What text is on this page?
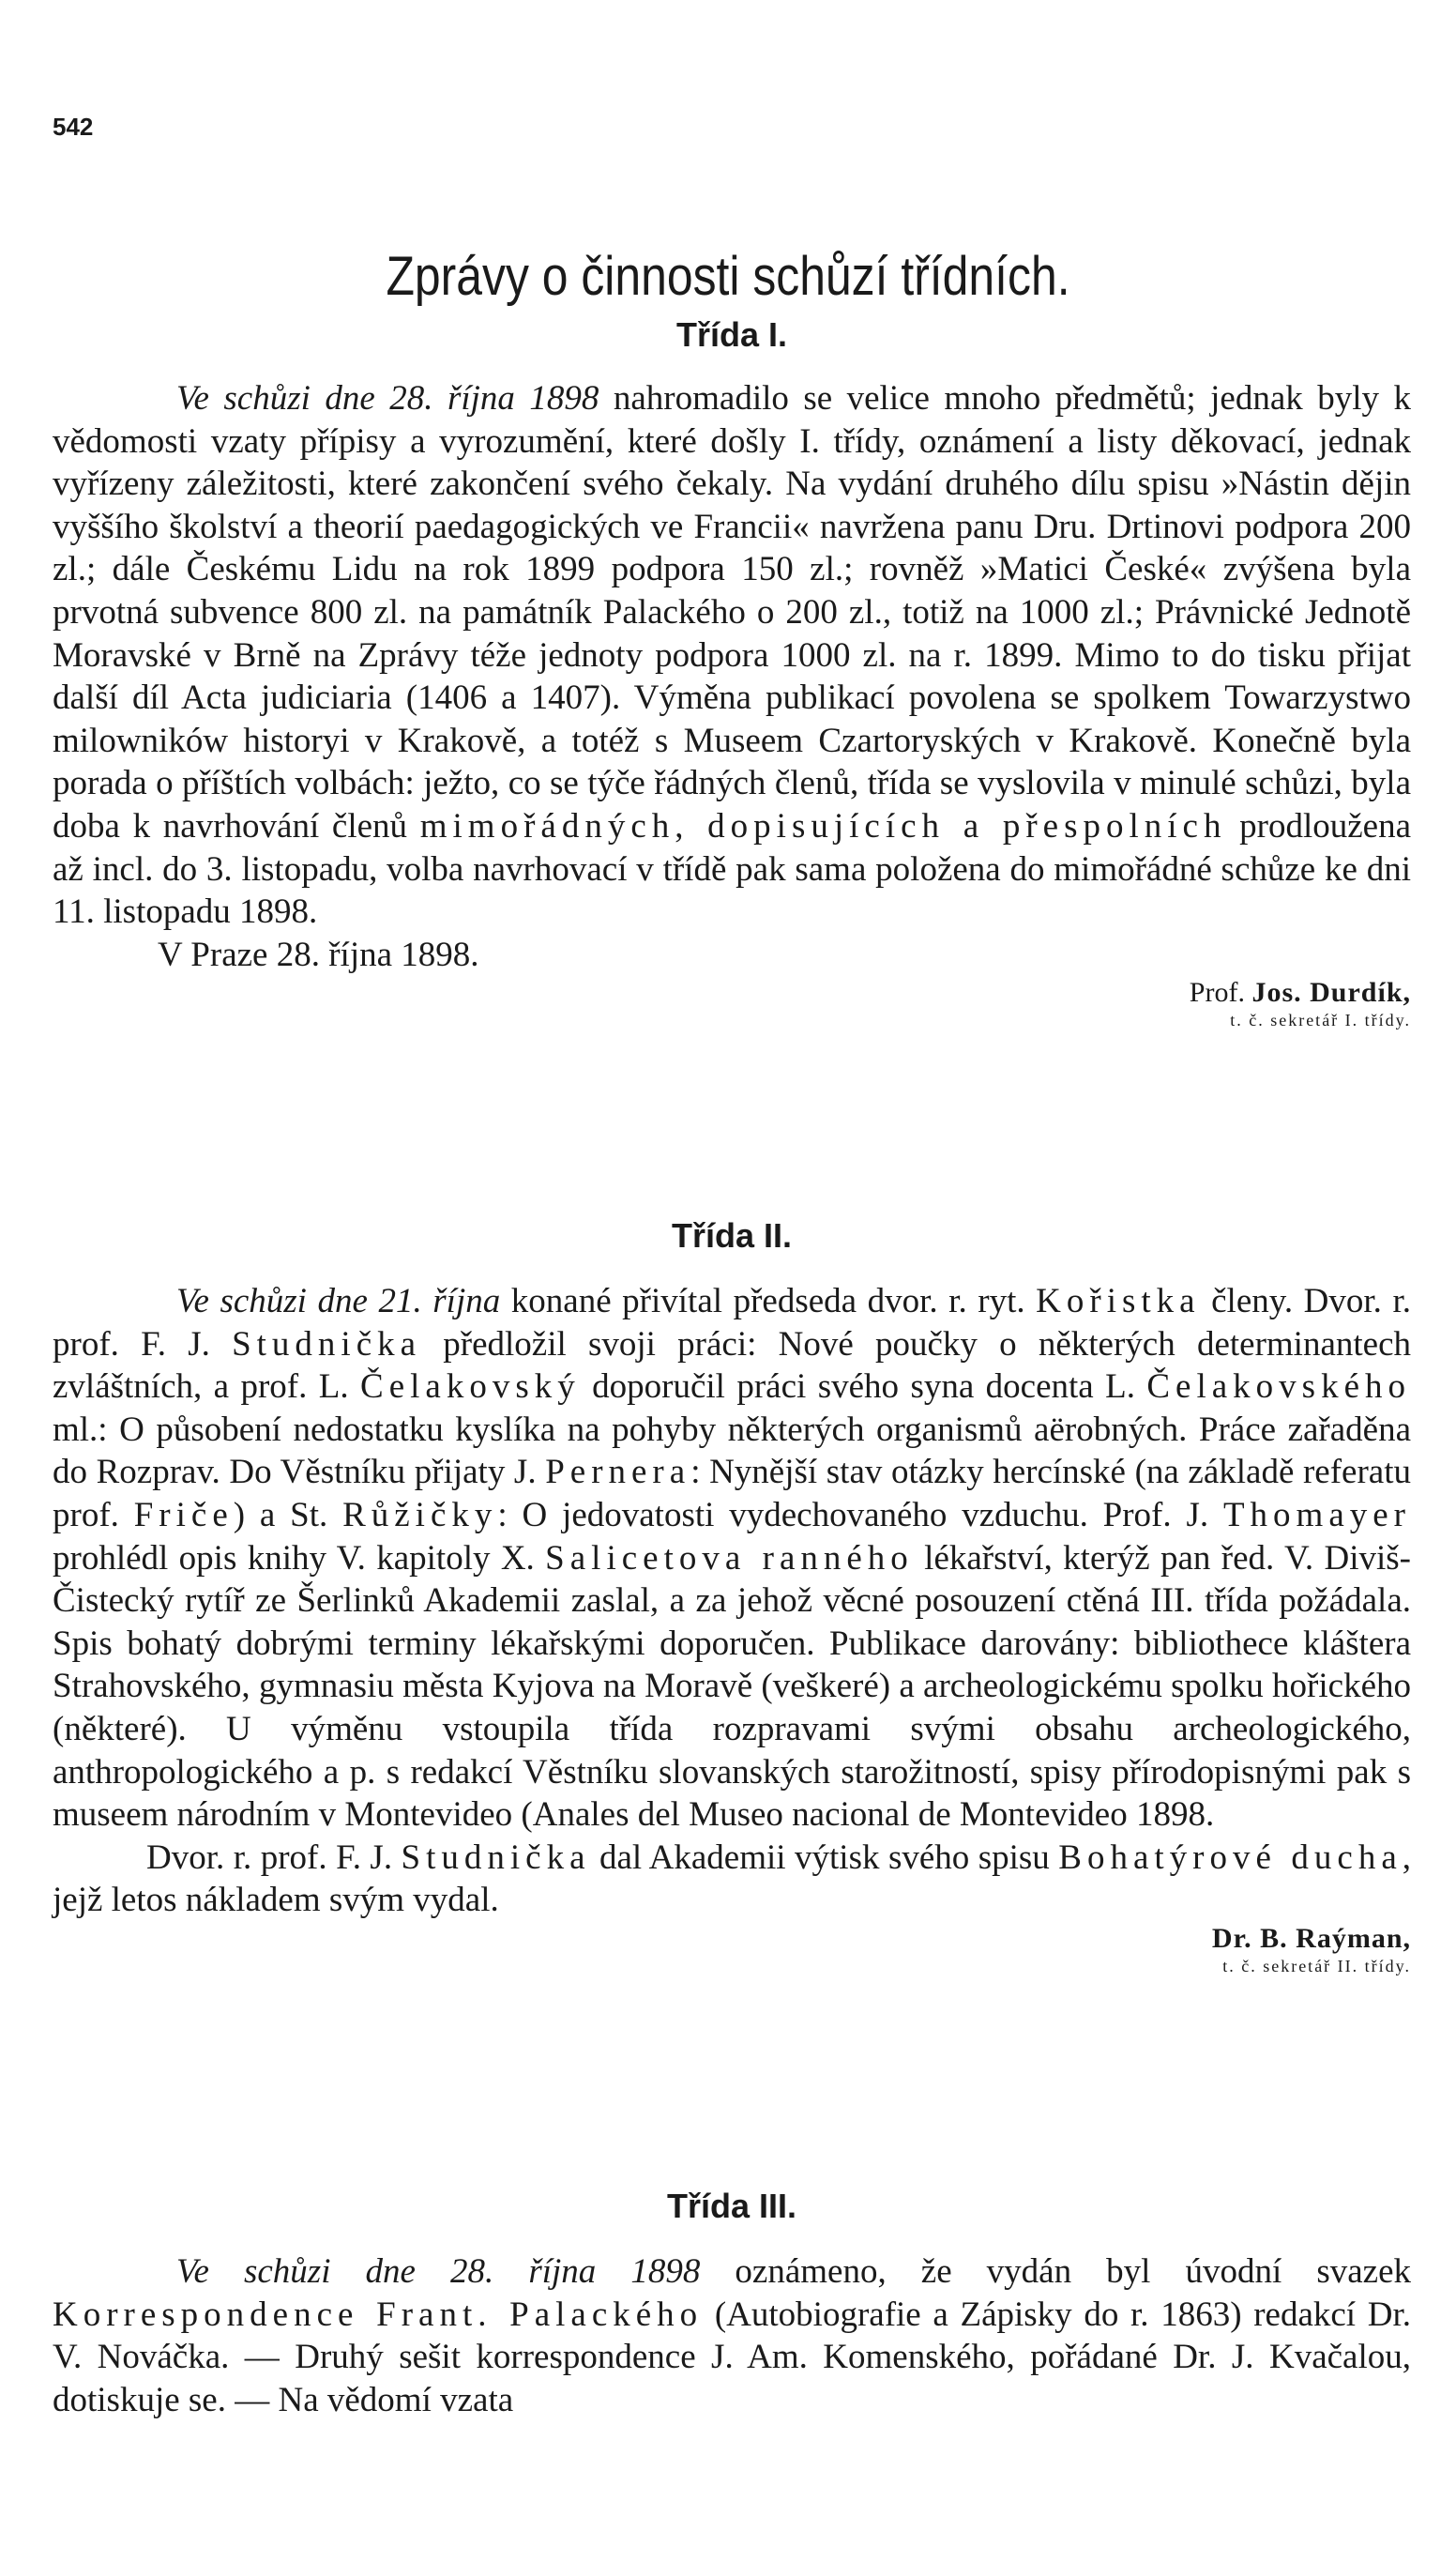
542
Zprávy o činnosti schůzí třídních.
Třída I.

Ve schůzi dne 28. října 1898 nahromadilo se velice mnoho předmětů; jednak byly k vědomosti vzaty přípisy a vyrozumění, které došly I. třídy, oznámení a listy děkovací, jednak vyřízeny záležitosti, které zakončení svého čekaly. Na vydání druhého dílu spisu »Nástin dějin vyššího školství a theorií paedagogických ve Francii« navržena panu Dru. Drtinovi podpora 200 zl.; dále Českému Lidu na rok 1899 podpora 150 zl.; rovněž »Matici České« zvýšena byla prvotná subvence 800 zl. na památník Palackého o 200 zl., totiž na 1000 zl.; Právnické Jednotě Moravské v Brně na Zprávy téže jednoty podpora 1000 zl. na r. 1899. Mimo to do tisku přijat další díl Acta judiciaria (1406 a 1407). Výměna publikací povolena se spolkem Towarzystwo milowników historyi v Krakově, a totéž s Museem Czartoryských v Krakově. Konečně byla porada o příštích volbách: ježto, co se týče řádných členů, třída se vyslovila v minulé schůzi, byla doba k navrhování členů mimořádných, dopisujících a přespolních prodloužena až incl. do 3. listopadu, volba navrhovací v třídě pak sama položena do mimořádné schůze ke dni 11. listopadu 1898.

V Praze 28. října 1898.

Prof. Jos. Durdík,
t. č. sekretář I. třídy.
Třída II.

Ve schůzi dne 21. října konané přivítal předseda dvor. r. ryt. Kořistka členy. Dvor. r. prof. F. J. Studnička předložil svoji práci: Nové poučky o některých determinantech zvláštních, a prof. L. Čelakovský doporučil práci svého syna docenta L. Čelakovského ml.: O působení nedostatku kyslíka na pohyby některých organismů aërobných. Práce zařaděna do Rozprav. Do Věstníku přijaty J. Pernera: Nynější stav otázky hercínské (na základě referatu prof. Friče) a St. Růžičky: O jedovatosti vydechovaného vzduchu. Prof. J. Thomayer prohlédl opis knihy V. kapitoly X. Salicetova ranného lékařství, kterýž pan řed. V. Diviš-Čistecký rytíř ze Šerlinků Akademii zaslal, a za jehož věcné posouzení ctěná III. třída požádala. Spis bohatý dobrými terminy lékařskými doporučen. Publikace darovány: bibliothece kláštera Strahovského, gymnasiu města Kyjova na Moravě (veškeré) a archeologickému spolku hořického (některé). U výměnu vstoupila třída rozpravami svými obsahu archeologického, anthropologického a p. s redakcí Věstníku slovanských starožitností, spisy přírodopisnými pak s museem národním v Montevideo (Anales del Museo nacional de Montevideo 1898.

Dvor. r. prof. F. J. Studnička dal Akademii výtisk svého spisu Bohatýrové ducha, jejž letos nákladem svým vydal.

Dr. B. Raýman,
t. č. sekretář II. třídy.
Třída III.

Ve schůzi dne 28. října 1898 oznámeno, že vydán byl úvodní svazek Korrespondence Frant. Palackého (Autobiografie a Zápisky do r. 1863) redakcí Dr. V. Nováčka. — Druhý sešit korrespondence J. Am. Komenského, pořádané Dr. J. Kvačalou, dotiskuje se. — Na vědomí vzata
